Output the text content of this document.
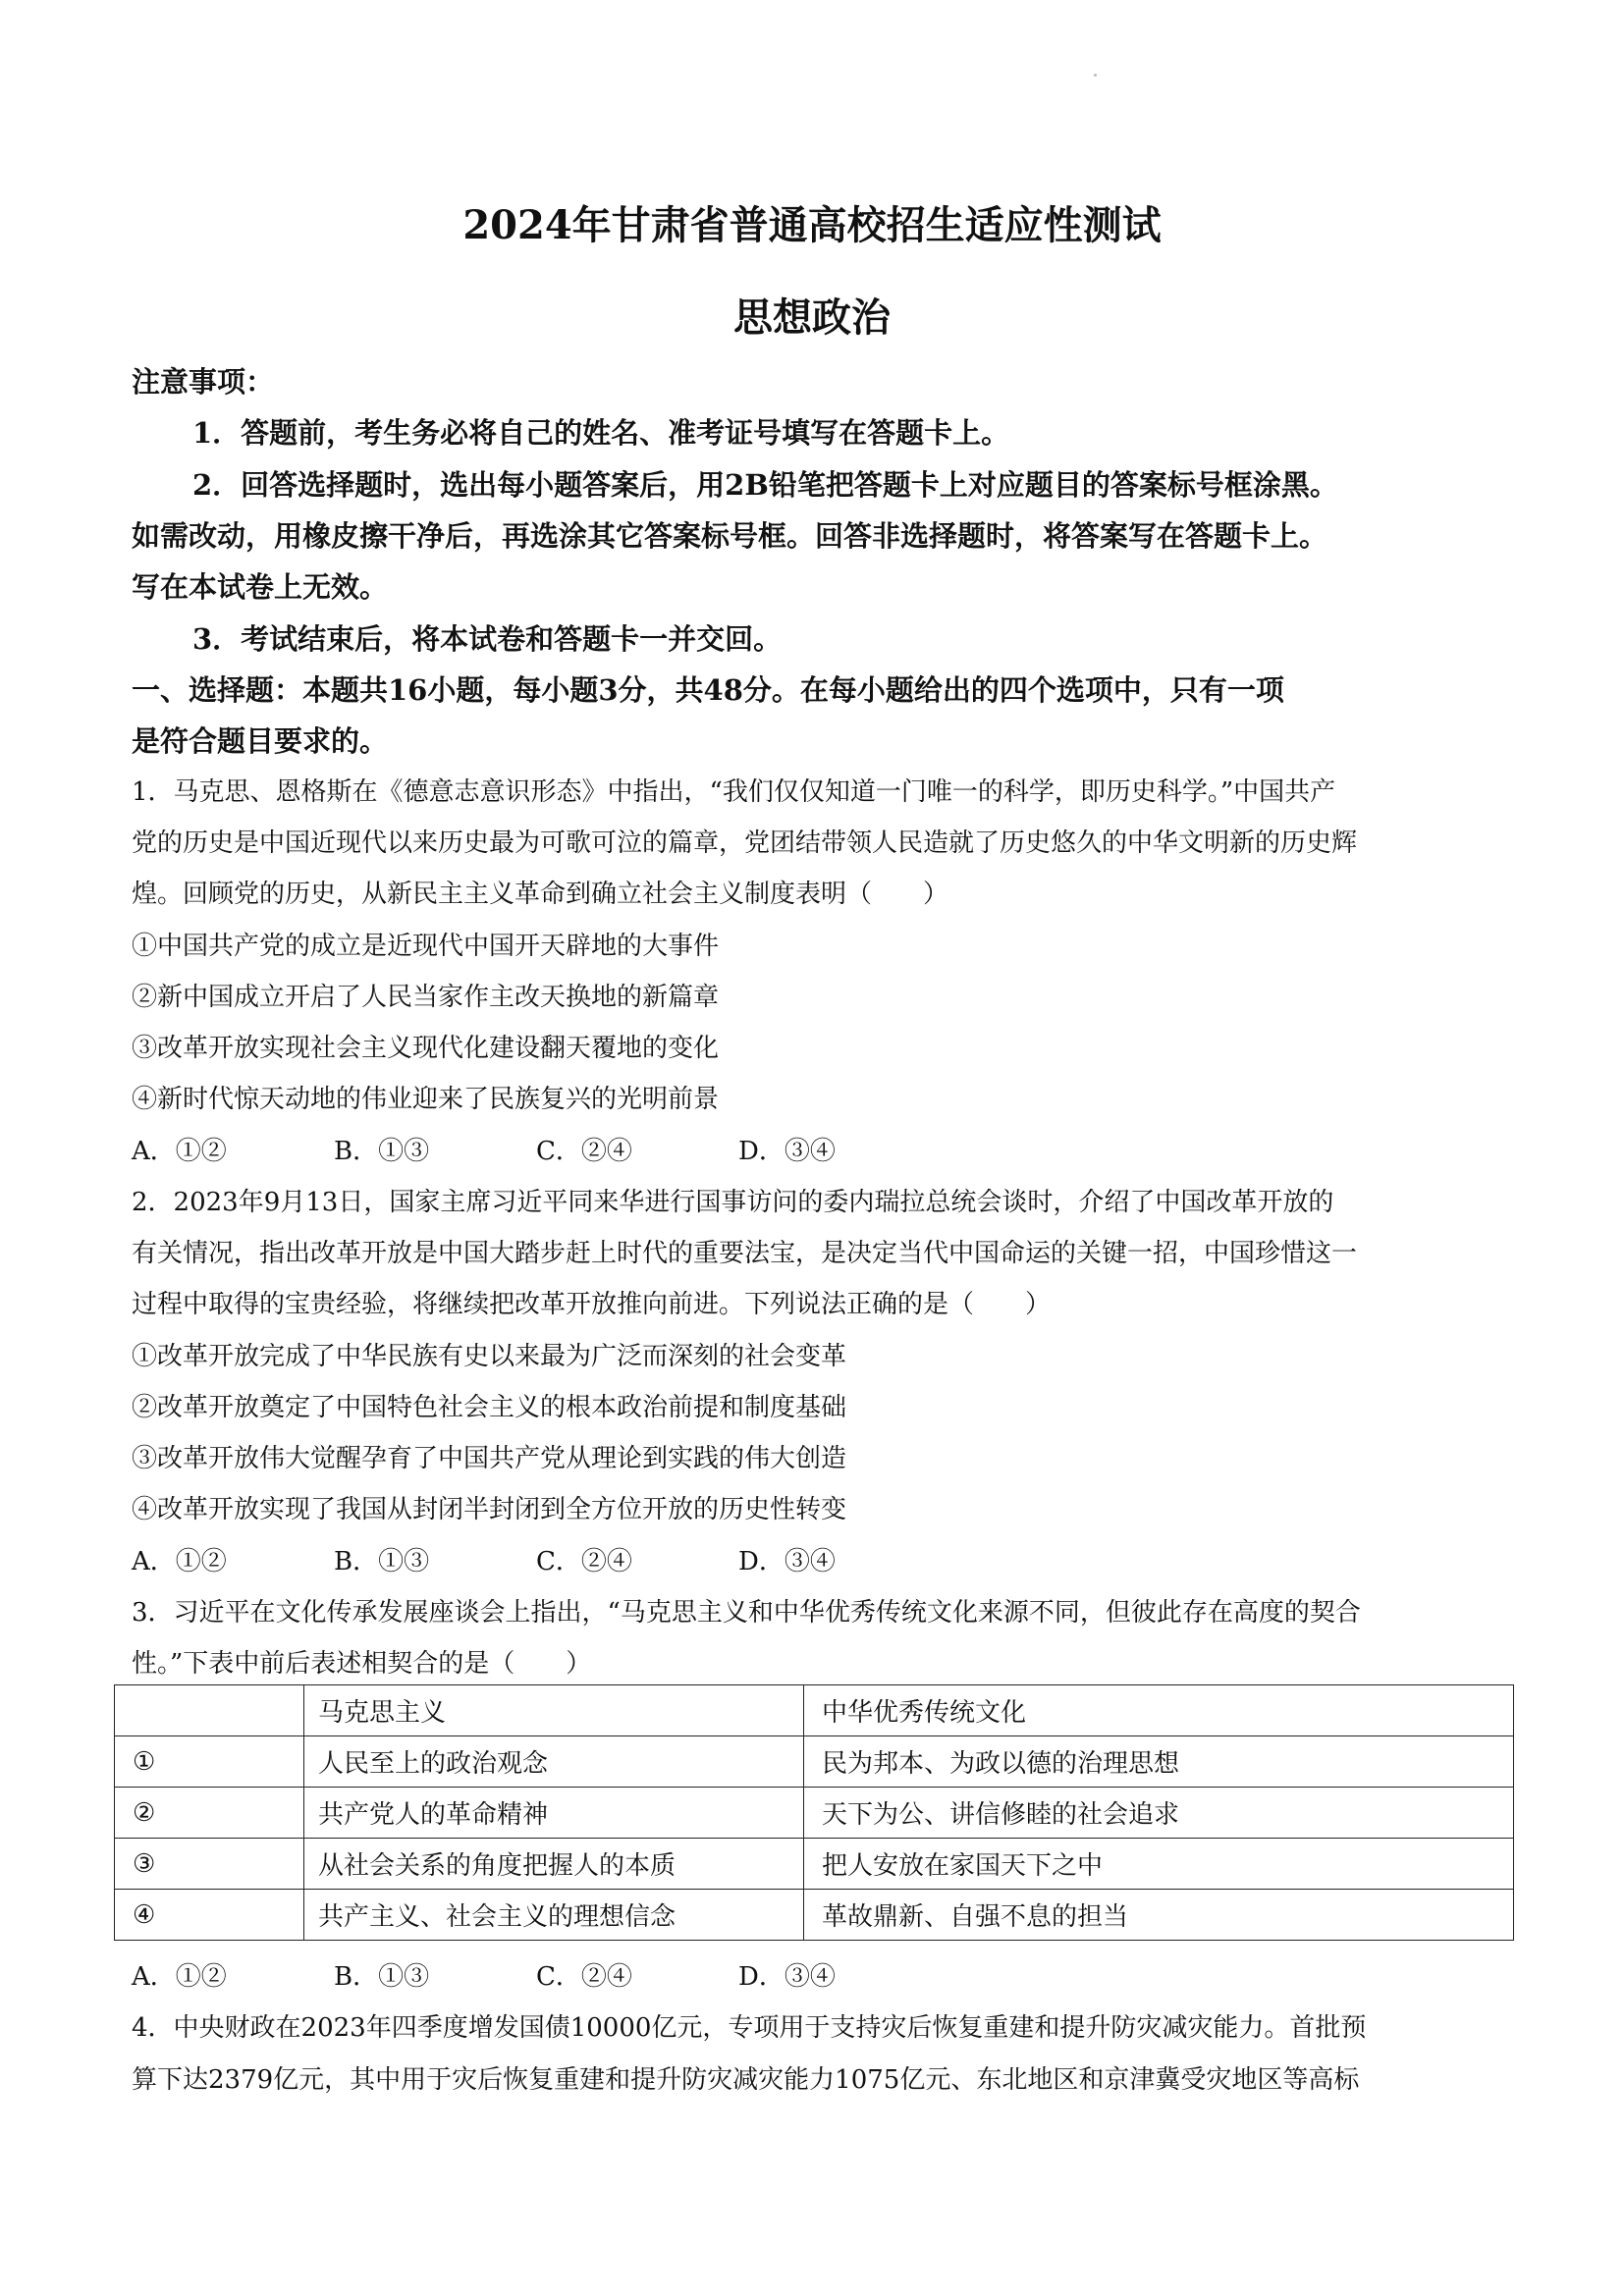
2024年甘肃省普通高校招生适应性测试
思想政治
注意事项：
1．答题前，考生务必将自己的姓名、准考证号填写在答题卡上。
2．回答选择题时，选出每小题答案后，用2B铅笔把答题卡上对应题目的答案标号框涂黑。
如需改动，用橡皮擦干净后，再选涂其它答案标号框。回答非选择题时，将答案写在答题卡上。
写在本试卷上无效。
3．考试结束后，将本试卷和答题卡一并交回。
一、选择题：本题共16小题，每小题3分，共48分。在每小题给出的四个选项中，只有一项
是符合题目要求的。
1．马克思、恩格斯在《德意志意识形态》中指出，“我们仅仅知道一门唯一的科学，即历史科学。”中国共产
党的历史是中国近现代以来历史最为可歌可泣的篇章，党团结带领人民造就了历史悠久的中华文明新的历史辉
煌。回顾党的历史，从新民主主义革命到确立社会主义制度表明（　　）
①中国共产党的成立是近现代中国开天辟地的大事件
②新中国成立开启了人民当家作主改天换地的新篇章
③改革开放实现社会主义现代化建设翻天覆地的变化
④新时代惊天动地的伟业迎来了民族复兴的光明前景
A．①②	B．①③	C．②④	D．③④
2．2023年9月13日，国家主席习近平同来华进行国事访问的委内瑞拉总统会谈时，介绍了中国改革开放的
有关情况，指出改革开放是中国大踏步赶上时代的重要法宝，是决定当代中国命运的关键一招，中国珍惜这一
过程中取得的宝贵经验，将继续把改革开放推向前进。下列说法正确的是（　　）
①改革开放完成了中华民族有史以来最为广泛而深刻的社会变革
②改革开放奠定了中国特色社会主义的根本政治前提和制度基础
③改革开放伟大觉醒孕育了中国共产党从理论到实践的伟大创造
④改革开放实现了我国从封闭半封闭到全方位开放的历史性转变
A．①②	B．①③	C．②④	D．③④
3．习近平在文化传承发展座谈会上指出，“马克思主义和中华优秀传统文化来源不同，但彼此存在高度的契合
性。”下表中前后表述相契合的是（　　）
	马克思主义	中华优秀传统文化
①	人民至上的政治观念	民为邦本、为政以德的治理思想
②	共产党人的革命精神	天下为公、讲信修睦的社会追求
③	从社会关系的角度把握人的本质	把人安放在家国天下之中
④	共产主义、社会主义的理想信念	革故鼎新、自强不息的担当
A．①②	B．①③	C．②④	D．③④
4．中央财政在2023年四季度增发国债10000亿元，专项用于支持灾后恢复重建和提升防灾减灾能力。首批预
算下达2379亿元，其中用于灾后恢复重建和提升防灾减灾能力1075亿元、东北地区和京津冀受灾地区等高标
